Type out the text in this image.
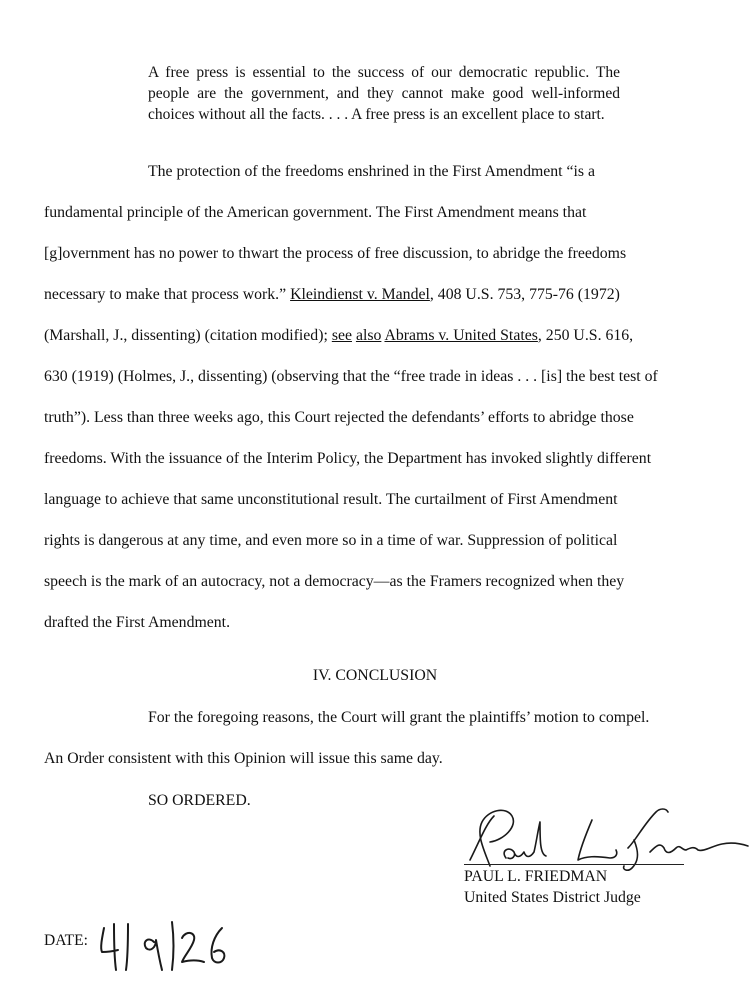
A free press is essential to the success of our democratic republic. The people are the government, and they cannot make good well-informed choices without all the facts. . . . A free press is an excellent place to start.

The protection of the freedoms enshrined in the First Amendment “is a
fundamental principle of the American government. The First Amendment means that
[g]overnment has no power to thwart the process of free discussion, to abridge the freedoms
necessary to make that process work.” Kleindienst v. Mandel, 408 U.S. 753, 775-76 (1972)
(Marshall, J., dissenting) (citation modified); see also Abrams v. United States, 250 U.S. 616,
630 (1919) (Holmes, J., dissenting) (observing that the “free trade in ideas . . . [is] the best test of
truth”). Less than three weeks ago, this Court rejected the defendants’ efforts to abridge those
freedoms. With the issuance of the Interim Policy, the Department has invoked slightly different
language to achieve that same unconstitutional result. The curtailment of First Amendment
rights is dangerous at any time, and even more so in a time of war. Suppression of political
speech is the mark of an autocracy, not a democracy—as the Framers recognized when they
drafted the First Amendment.
IV. CONCLUSION
For the foregoing reasons, the Court will grant the plaintiffs’ motion to compel.
An Order consistent with this Opinion will issue this same day.
SO ORDERED.
PAUL L. FRIEDMAN
United States District Judge
DATE:
